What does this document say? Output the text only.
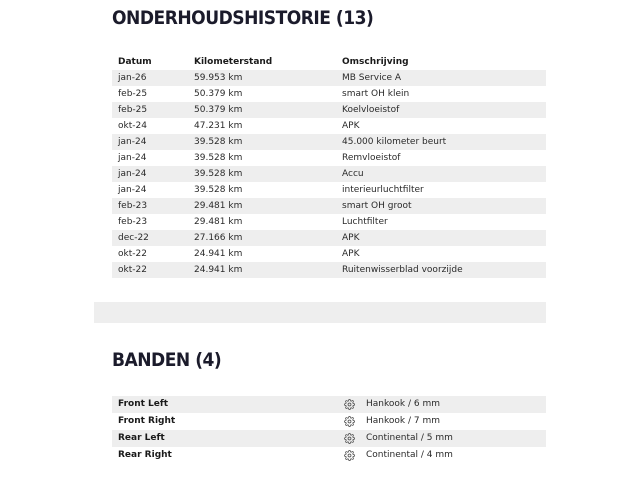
ONDERHOUDSHISTORIE (13)
Datum	Kilometerstand	Omschrijving
jan-26	59.953 km	MB Service A
feb-25	50.379 km	smart OH klein
feb-25	50.379 km	Koelvloeistof
okt-24	47.231 km	APK
jan-24	39.528 km	45.000 kilometer beurt
jan-24	39.528 km	Remvloeistof
jan-24	39.528 km	Accu
jan-24	39.528 km	interieurluchtfilter
feb-23	29.481 km	smart OH groot
feb-23	29.481 km	Luchtfilter
dec-22	27.166 km	APK
okt-22	24.941 km	APK
okt-22	24.941 km	Ruitenwisserblad voorzijde
BANDEN (4)
Front Left	Hankook / 6 mm
Front Right	Hankook / 7 mm
Rear Left	Continental / 5 mm
Rear Right	Continental / 4 mm
